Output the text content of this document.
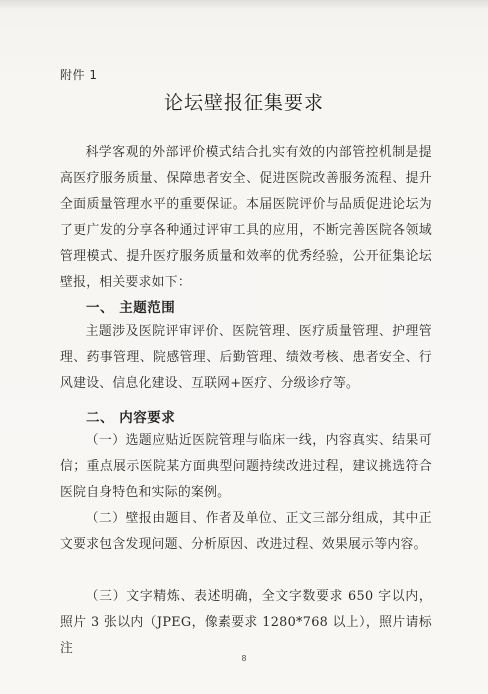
附件 1
论坛壁报征集要求
科学客观的外部评价模式结合扎实有效的内部管控机制是提高医疗服务质量、保障患者安全、促进医院改善服务流程、提升全面质量管理水平的重要保证。本届医院评价与品质促进论坛为了更广发的分享各种通过评审工具的应用，不断完善医院各领域管理模式、提升医疗服务质量和效率的优秀经验，公开征集论坛壁报，相关要求如下：
一、 主题范围
主题涉及医院评审评价、医院管理、医疗质量管理、护理管理、药事管理、院感管理、后勤管理、绩效考核、患者安全、行风建设、信息化建设、互联网+医疗、分级诊疗等。
二、 内容要求
（一）选题应贴近医院管理与临床一线，内容真实、结果可信；重点展示医院某方面典型问题持续改进过程，建议挑选符合医院自身特色和实际的案例。
（二）壁报由题目、作者及单位、正文三部分组成，其中正文要求包含发现问题、分析原因、改进过程、效果展示等内容。
（三）文字精炼、表述明确，全文字数要求 650 字以内，照片 3 张以内（JPEG，像素要求 1280*768 以上），照片请标注
8
